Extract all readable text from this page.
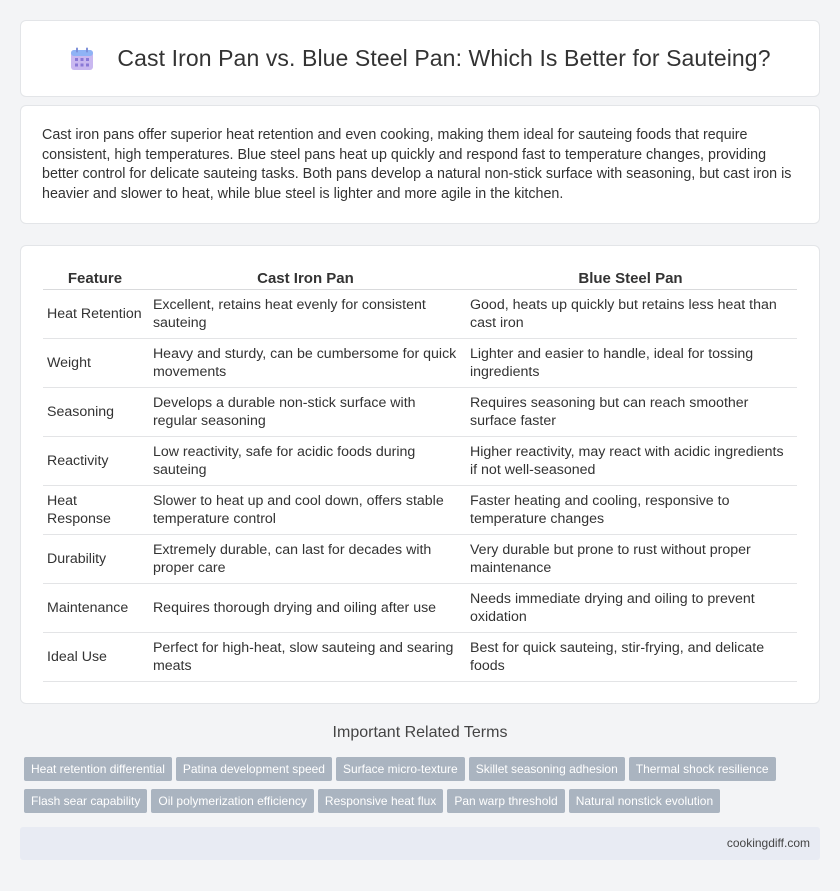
Cast Iron Pan vs. Blue Steel Pan: Which Is Better for Sauteing?

Cast iron pans offer superior heat retention and even cooking, making them ideal for sauteing foods that require consistent, high temperatures. Blue steel pans heat up quickly and respond fast to temperature changes, providing better control for delicate sauteing tasks. Both pans develop a natural non-stick surface with seasoning, but cast iron is heavier and slower to heat, while blue steel is lighter and more agile in the kitchen.

Feature	Cast Iron Pan	Blue Steel Pan
Heat Retention	Excellent, retains heat evenly for consistent sauteing	Good, heats up quickly but retains less heat than cast iron
Weight	Heavy and sturdy, can be cumbersome for quick movements	Lighter and easier to handle, ideal for tossing ingredients
Seasoning	Develops a durable non-stick surface with regular seasoning	Requires seasoning but can reach smoother surface faster
Reactivity	Low reactivity, safe for acidic foods during sauteing	Higher reactivity, may react with acidic ingredients if not well-seasoned
Heat Response	Slower to heat up and cool down, offers stable temperature control	Faster heating and cooling, responsive to temperature changes
Durability	Extremely durable, can last for decades with proper care	Very durable but prone to rust without proper maintenance
Maintenance	Requires thorough drying and oiling after use	Needs immediate drying and oiling to prevent oxidation
Ideal Use	Perfect for high-heat, slow sauteing and searing meats	Best for quick sauteing, stir-frying, and delicate foods
Important Related Terms
Heat retention differential Patina development speed Surface micro-texture Skillet seasoning adhesion Thermal shock resilienceFlash sear capability Oil polymerization efficiency Responsive heat flux Pan warp threshold Natural nonstick evolution
cookingdiff.com
